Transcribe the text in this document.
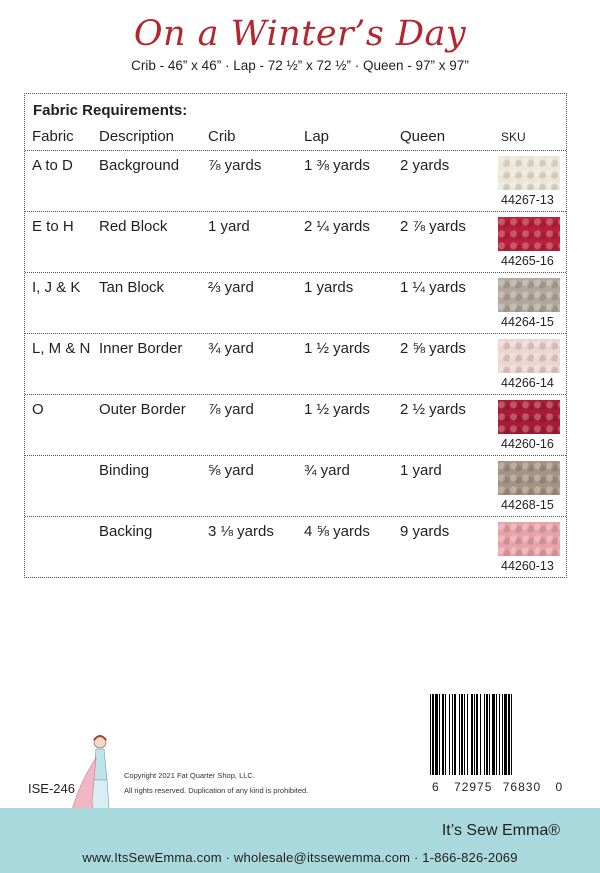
On a Winter’s Day
Crib - 46” x 46” · Lap - 72 ½” x 72 ½” · Queen - 97” x 97”
Fabric Requirements:
Fabric Description Crib	Lap	Queen	SKU
A to D Background ⅞ yards	1 ⅜ yards 2 yards
44267-13
E to H Red Block	1 yard	2 ¼ yards 2 ⅞ yards
44265-16
I, J & K Tan Block	⅔ yard	1 yards	1 ¼ yards
44264-15
L, M & N Inner Border ¾ yard	1 ½ yards 2 ⅝ yards
44266-14
O	Outer Border ⅞ yard	1 ½ yards 2 ½ yards
44260-16
Binding	⅝ yard	¾ yard	1 yard
44268-15
Backing	3 ⅛ yards 4 ⅝ yards 9 yards
44260-13
6 72975 76830 0
ISE-246
Copyright 2021 Fat Quarter Shop, LLC.
All rights reserved. Duplication of any kind is prohibited.
It’s Sew Emma®
www.ItsSewEmma.com · wholesale@itssewemma.com · 1-866-826-2069
